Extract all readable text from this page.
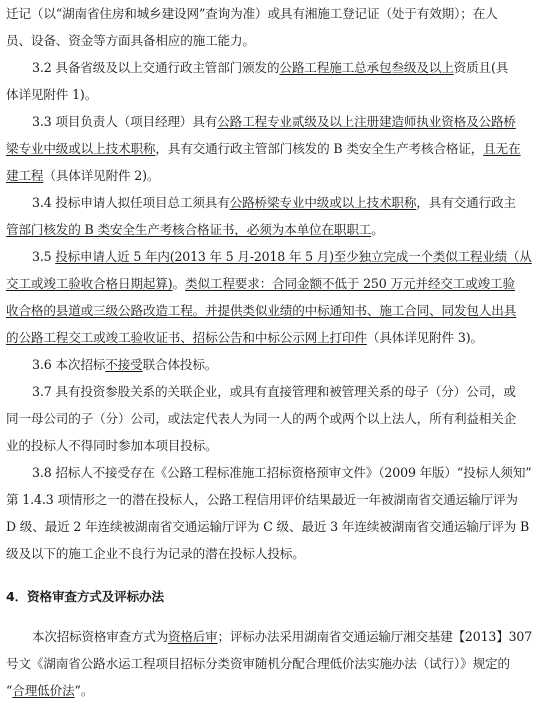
迁记（以“湖南省住房和城乡建设网”查询为准）或具有湘施工登记证（处于有效期）；在人
员、设备、资金等方面具备相应的施工能力。
3.2 具备省级及以上交通行政主管部门颁发的公路工程施工总承包叁级及以上资质且(具
体详见附件 1)。
3.3 项目负责人（项目经理）具有公路工程专业贰级及以上注册建造师执业资格及公路桥
梁专业中级或以上技术职称，具有交通行政主管部门核发的 B 类安全生产考核合格证，且无在
建工程（具体详见附件 2)。
3.4 投标申请人拟任项目总工须具有公路桥梁专业中级或以上技术职称，具有交通行政主
管部门核发的 B 类安全生产考核合格证书，必须为本单位在职职工。
3.5 投标申请人近 5 年内(2013 年 5 月-2018 年 5 月)至少独立完成一个类似工程业绩（从
交工或竣工验收合格日期起算)。类似工程要求：合同金额不低于 250 万元并经交工或竣工验
收合格的县道或三级公路改造工程。并提供类似业绩的中标通知书、施工合同、同发包人出具
的公路工程交工或竣工验收证书、招标公告和中标公示网上打印件（具体详见附件 3)。
3.6 本次招标不接受联合体投标。
3.7 具有投资参股关系的关联企业，或具有直接管理和被管理关系的母子（分）公司，或
同一母公司的子（分）公司，或法定代表人为同一人的两个或两个以上法人，所有利益相关企
业的投标人不得同时参加本项目投标。
3.8 招标人不接受存在《公路工程标准施工招标资格预审文件》（2009 年版）“投标人须知”
第 1.4.3 项情形之一的潜在投标人，公路工程信用评价结果最近一年被湖南省交通运输厅评为
D 级、最近 2 年连续被湖南省交通运输厅评为 C 级、最近 3 年连续被湖南省交通运输厅评为 B
级及以下的施工企业不良行为记录的潜在投标人投标。
4．资格审查方式及评标办法
本次招标资格审查方式为资格后审；评标办法采用湖南省交通运输厅湘交基建【2013】307
号文《湖南省公路水运工程项目招标分类资审随机分配合理低价法实施办法（试行）》规定的
“合理低价法”。
